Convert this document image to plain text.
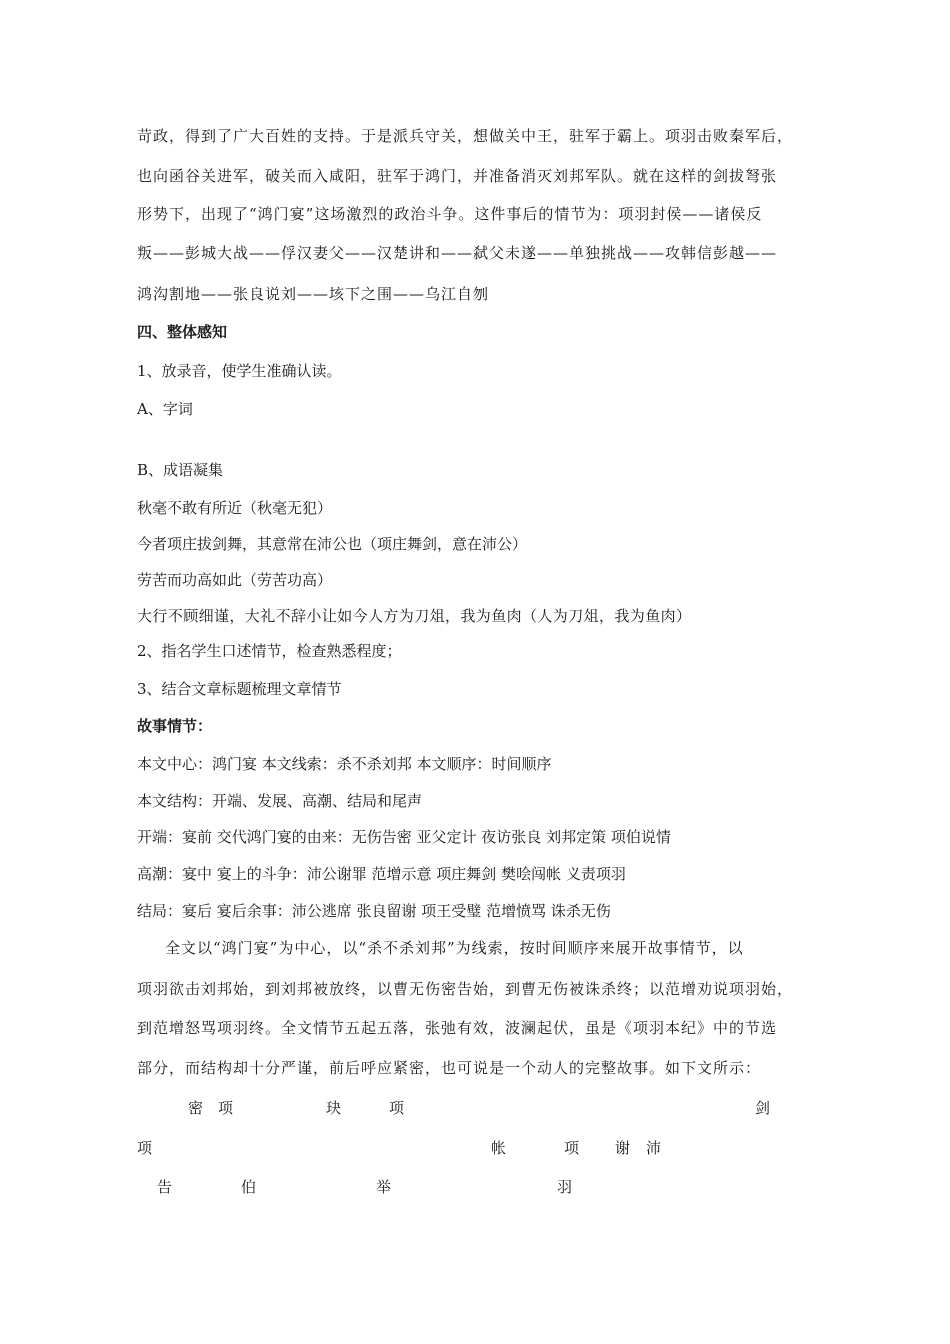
苛政，得到了广大百姓的支持。于是派兵守关，想做关中王，驻军于霸上。项羽击败秦军后，
也向函谷关进军，破关而入咸阳，驻军于鸿门，并准备消灭刘邦军队。就在这样的剑拔弩张
形势下，出现了“鸿门宴”这场激烈的政治斗争。这件事后的情节为：项羽封侯——诸侯反
叛——彭城大战——俘汉妻父——汉楚讲和——弑父未遂——单独挑战——攻韩信彭越——
鸿沟割地——张良说刘——垓下之围——乌江自刎
四、整体感知
1、放录音，使学生准确认读。
A、字词
B、成语凝集
秋毫不敢有所近（秋毫无犯）
今者项庄拔剑舞，其意常在沛公也（项庄舞剑，意在沛公）
劳苦而功高如此（劳苦功高）
大行不顾细谨，大礼不辞小让如今人方为刀俎，我为鱼肉（人为刀俎，我为鱼肉）
2、指名学生口述情节，检查熟悉程度；
3、结合文章标题梳理文章情节
故事情节：
本文中心：鸿门宴 本文线索：杀不杀刘邦 本文顺序：时间顺序
本文结构：开端、发展、高潮、结局和尾声
开端：宴前 交代鸿门宴的由来：无伤告密 亚父定计 夜访张良 刘邦定策 项伯说情
高潮：宴中 宴上的斗争：沛公谢罪 范增示意 项庄舞剑 樊哙闯帐 义责项羽
结局：宴后 宴后余事：沛公逃席 张良留谢 项王受璧 范增愤骂 诛杀无伤
全文以“鸿门宴”为中心，以“杀不杀刘邦”为线索，按时间顺序来展开故事情节，以
项羽欲击刘邦始，到刘邦被放终，以曹无伤密告始，到曹无伤被诛杀终；以范增劝说项羽始，
到范增怒骂项羽终。全文情节五起五落，张弛有效，波澜起伏，虽是《项羽本纪》中的节选
部分，而结构却十分严谨，前后呼应紧密，也可说是一个动人的完整故事。如下文所示：
密 项	玦	项	剑
项	帐	项 谢 沛
告	伯	举	羽
